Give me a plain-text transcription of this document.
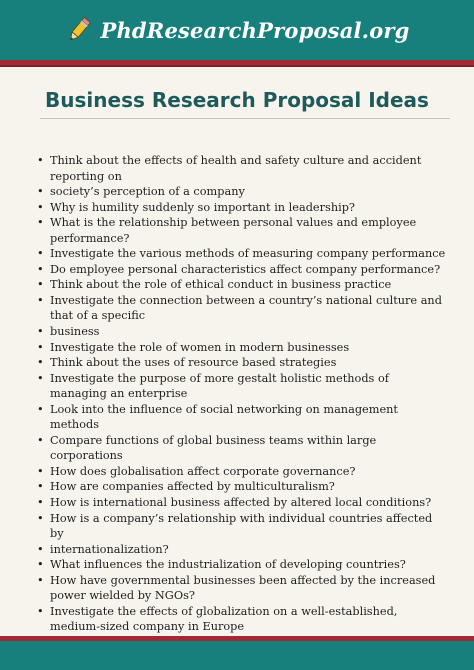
PhdResearchProposal.org
Business Research Proposal Ideas
• Think about the effects of health and safety culture and accident reporting on
• society’s perception of a company
• Why is humility suddenly so important in leadership?
• What is the relationship between personal values and employee performance?
• Investigate the various methods of measuring company performance
• Do employee personal characteristics affect company performance?
• Think about the role of ethical conduct in business practice
• Investigate the connection between a country’s national culture and that of a specific
• business
• Investigate the role of women in modern businesses
• Think about the uses of resource based strategies
• Investigate the purpose of more gestalt holistic methods of managing an enterprise
• Look into the influence of social networking on management methods
• Compare functions of global business teams within large corporations
• How does globalisation affect corporate governance?
• How are companies affected by multiculturalism?
• How is international business affected by altered local conditions?
• How is a company’s relationship with individual countries affected by
• internationalization?
• What influences the industrialization of developing countries?
• How have governmental businesses been affected by the increased power wielded by NGOs?
• Investigate the effects of globalization on a well-established, medium-sized company in Europe
•
